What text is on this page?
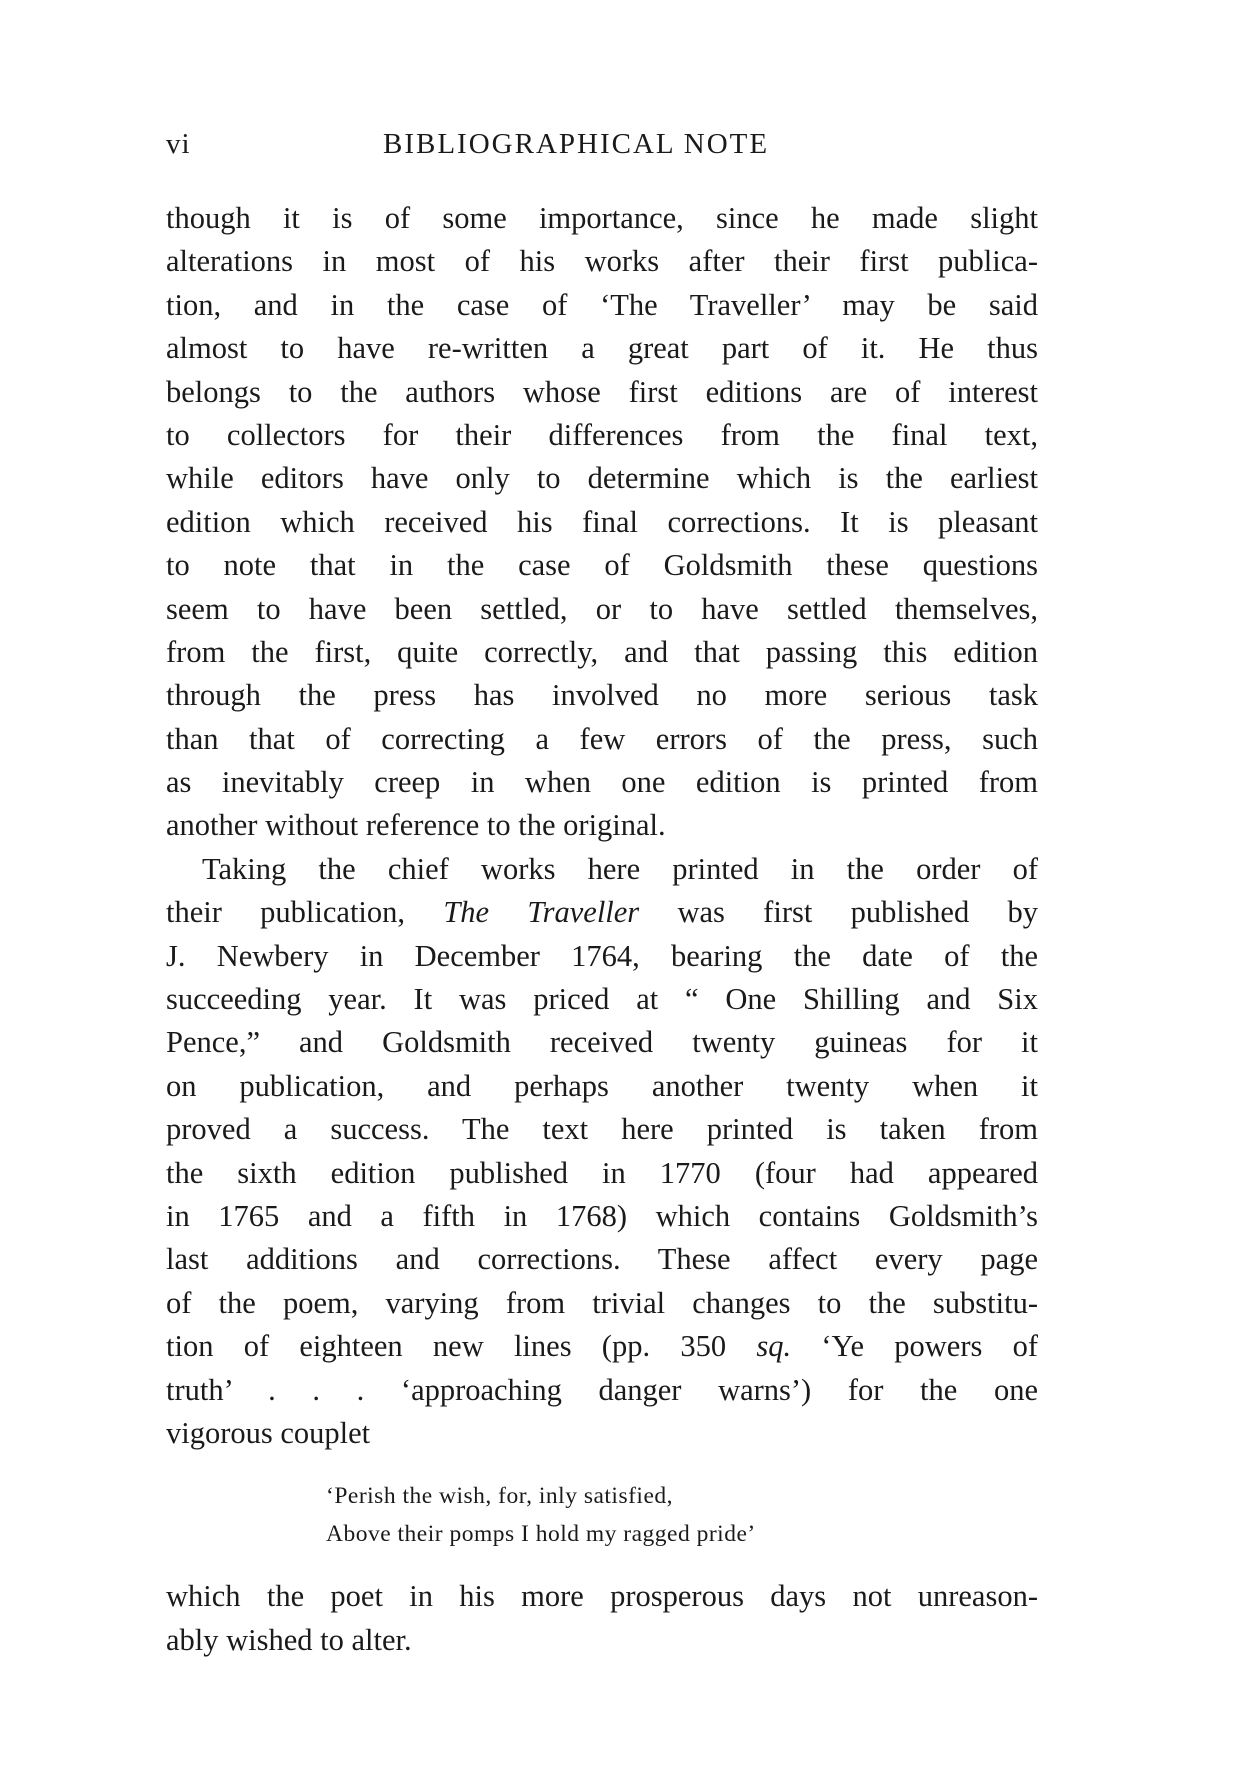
vi	BIBLIOGRAPHICAL NOTE
though it is of some importance, since he made slight
alterations in most of his works after their first publica-
tion, and in the case of ‘The Traveller’ may be said
almost to have re-written a great part of it. He thus
belongs to the authors whose first editions are of interest
to collectors for their differences from the final text,
while editors have only to determine which is the earliest
edition which received his final corrections. It is pleasant
to note that in the case of Goldsmith these questions
seem to have been settled, or to have settled themselves,
from the first, quite correctly, and that passing this edition
through the press has involved no more serious task
than that of correcting a few errors of the press, such
as inevitably creep in when one edition is printed from
another without reference to the original.
Taking the chief works here printed in the order of
their publication, The Traveller was first published by
J. Newbery in December 1764, bearing the date of the
succeeding year. It was priced at “ One Shilling and Six
Pence,” and Goldsmith received twenty guineas for it
on publication, and perhaps another twenty when it
proved a success. The text here printed is taken from
the sixth edition published in 1770 (four had appeared
in 1765 and a fifth in 1768) which contains Goldsmith’s
last additions and corrections. These affect every page
of the poem, varying from trivial changes to the substitu-
tion of eighteen new lines (pp. 350 sq. ‘Ye powers of
truth’ . . . ‘approaching danger warns’) for the one
vigorous couplet
‘Perish the wish, for, inly satisfied,
Above their pomps I hold my ragged pride’
which the poet in his more prosperous days not unreason-
ably wished to alter.
